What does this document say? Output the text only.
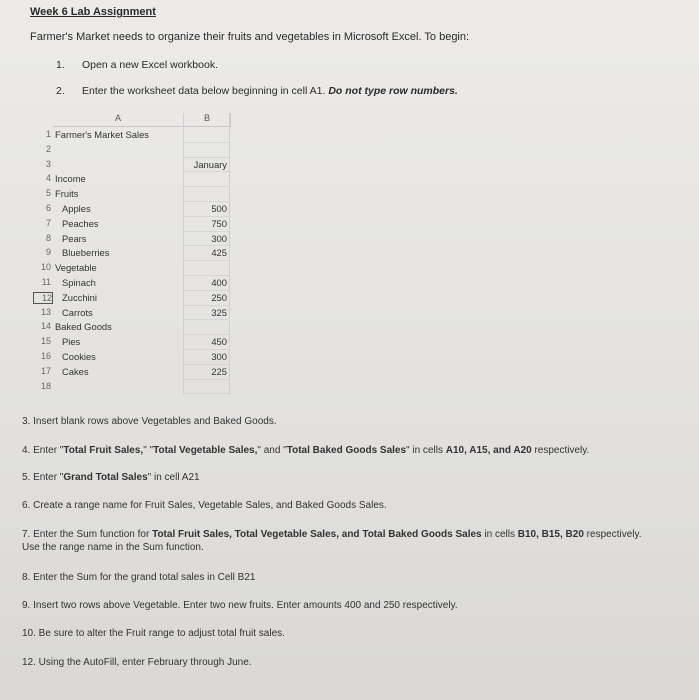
Week 6 Lab Assignment
Farmer's Market needs to organize their fruits and vegetables in Microsoft Excel. To begin:
1. Open a new Excel workbook.
2. Enter the worksheet data below beginning in cell A1. Do not type row numbers.
A	B
1 Farmer's Market Sales
2
3	January
4 Income
5 Fruits
6 Apples	500
7 Peaches	750
8 Pears	300
9 Blueberries	425
10 Vegetable
11 Spinach	400
12 Zucchini	250
13 Carrots	325
14 Baked Goods
15 Pies	450
16 Cookies	300
17 Cakes	225
18
3. Insert blank rows above Vegetables and Baked Goods.
4. Enter "Total Fruit Sales," "Total Vegetable Sales," and "Total Baked Goods Sales" in cells A10, A15, and A20 respectively.
5. Enter "Grand Total Sales" in cell A21
6. Create a range name for Fruit Sales, Vegetable Sales, and Baked Goods Sales.
7. Enter the Sum function for Total Fruit Sales, Total Vegetable Sales, and Total Baked Goods Sales in cells B10, B15, B20 respectively.
Use the range name in the Sum function.
8. Enter the Sum for the grand total sales in Cell B21
9. Insert two rows above Vegetable. Enter two new fruits. Enter amounts 400 and 250 respectively.
10. Be sure to alter the Fruit range to adjust total fruit sales.
12. Using the AutoFill, enter February through June.
